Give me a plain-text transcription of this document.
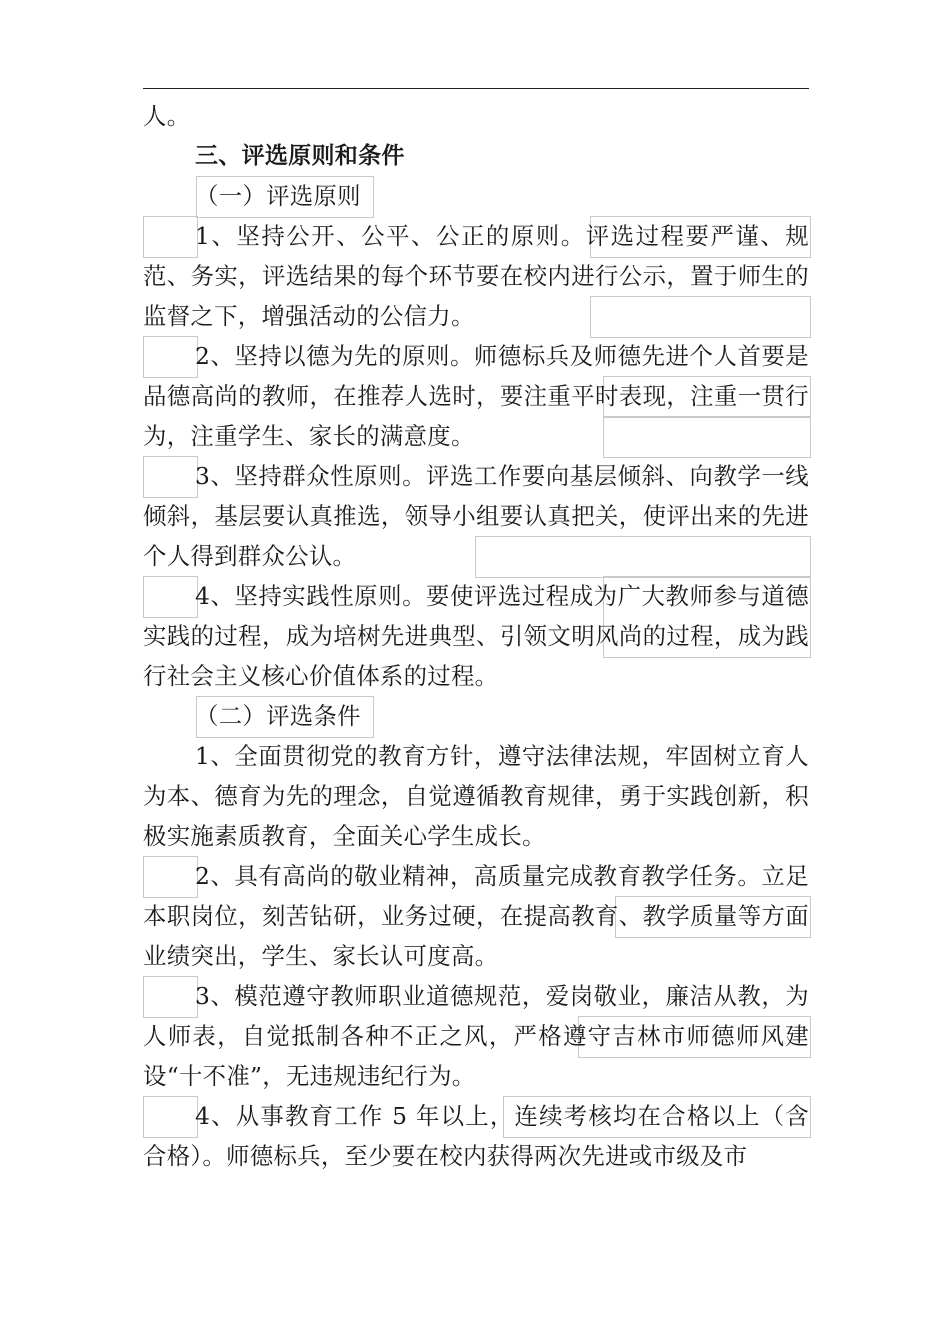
人。
三、评选原则和条件
（一）评选原则
1、坚持公开、公平、公正的原则。评选过程要严谨、规范、务实，评选结果的每个环节要在校内进行公示，置于师生的监督之下，增强活动的公信力。
2、坚持以德为先的原则。师德标兵及师德先进个人首要是品德高尚的教师，在推荐人选时，要注重平时表现，注重一贯行为，注重学生、家长的满意度。
3、坚持群众性原则。评选工作要向基层倾斜、向教学一线倾斜，基层要认真推选，领导小组要认真把关，使评出来的先进个人得到群众公认。
4、坚持实践性原则。要使评选过程成为广大教师参与道德实践的过程，成为培树先进典型、引领文明风尚的过程，成为践行社会主义核心价值体系的过程。
（二）评选条件
1、全面贯彻党的教育方针，遵守法律法规，牢固树立育人为本、德育为先的理念，自觉遵循教育规律，勇于实践创新，积极实施素质教育，全面关心学生成长。
2、具有高尚的敬业精神，高质量完成教育教学任务。立足本职岗位，刻苦钻研，业务过硬，在提高教育、教学质量等方面业绩突出，学生、家长认可度高。
3、模范遵守教师职业道德规范，爱岗敬业，廉洁从教，为人师表，自觉抵制各种不正之风，严格遵守吉林市师德师风建设“十不准”，无违规违纪行为。
4、从事教育工作 5 年以上，连续考核均在合格以上（含合格）。师德标兵，至少要在校内获得两次先进或市级及市
